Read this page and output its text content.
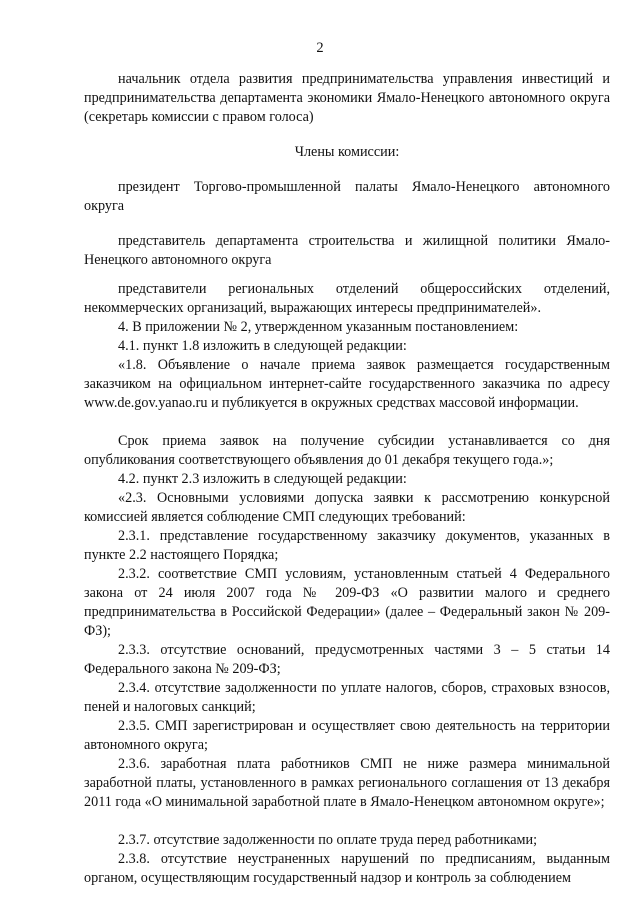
2
начальник отдела развития предпринимательства управления инвестиций и предпринимательства департамента экономики Ямало-Ненецкого автономного округа (секретарь комиссии с правом голоса)
Члены комиссии:
президент Торгово-промышленной палаты Ямало-Ненецкого автономного округа
представитель департамента строительства и жилищной политики Ямало-Ненецкого автономного округа
представители региональных отделений общероссийских отделений, некоммерческих организаций, выражающих интересы предпринимателей».
4. В приложении № 2, утвержденном указанным постановлением:
4.1. пункт 1.8 изложить в следующей редакции:
«1.8. Объявление о начале приема заявок размещается государственным заказчиком на официальном интернет-сайте государственного заказчика по адресу www.de.gov.yanao.ru и публикуется в окружных средствах массовой информации.
Срок приема заявок на получение субсидии устанавливается со дня опубликования соответствующего объявления до 01 декабря текущего года.»;
4.2. пункт 2.3 изложить в следующей редакции:
«2.3. Основными условиями допуска заявки к рассмотрению конкурсной комиссией является соблюдение СМП следующих требований:
2.3.1. представление государственному заказчику документов, указанных в пункте 2.2 настоящего Порядка;
2.3.2. соответствие СМП условиям, установленным статьей 4 Федерального закона от 24 июля 2007 года № 209-ФЗ «О развитии малого и среднего предпринимательства в Российской Федерации» (далее – Федеральный закон № 209-ФЗ);
2.3.3. отсутствие оснований, предусмотренных частями 3 – 5 статьи 14 Федерального закона № 209-ФЗ;
2.3.4. отсутствие задолженности по уплате налогов, сборов, страховых взносов, пеней и налоговых санкций;
2.3.5. СМП зарегистрирован и осуществляет свою деятельность на территории автономного округа;
2.3.6. заработная плата работников СМП не ниже размера минимальной заработной платы, установленного в рамках регионального соглашения от 13 декабря 2011 года «О минимальной заработной плате в Ямало-Ненецком автономном округе»;
2.3.7. отсутствие задолженности по оплате труда перед работниками;
2.3.8. отсутствие неустраненных нарушений по предписаниям, выданным органом, осуществляющим государственный надзор и контроль за соблюдением
